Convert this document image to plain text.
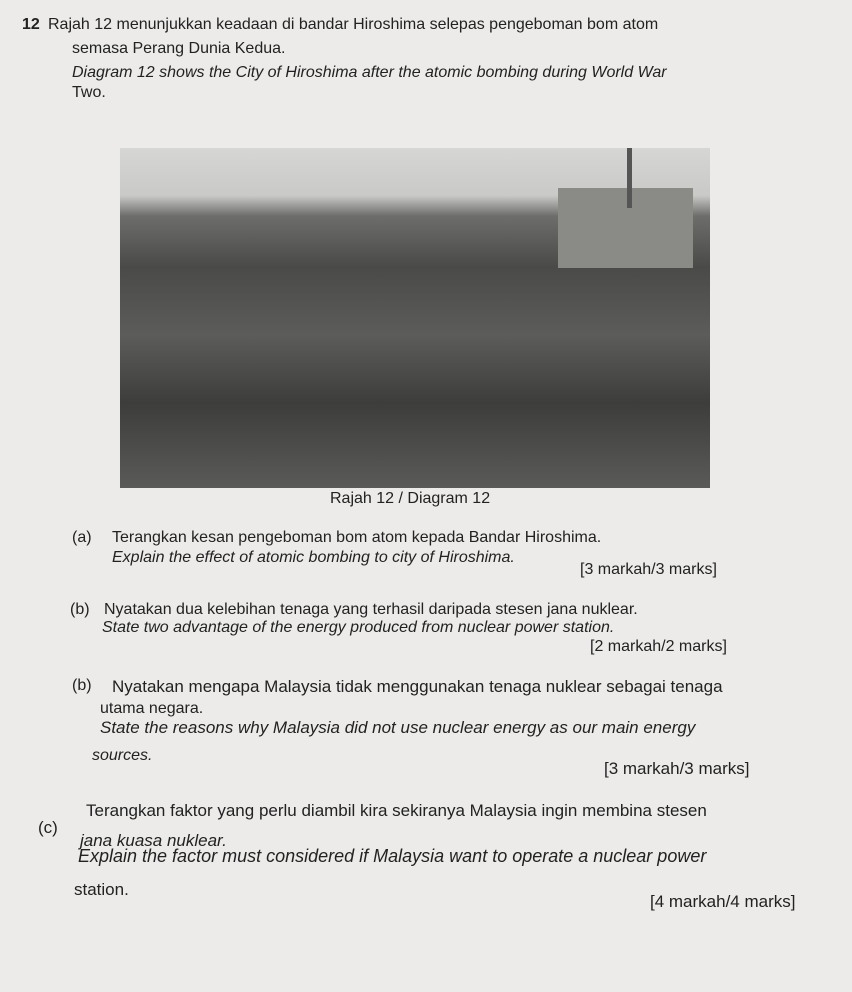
12 Rajah 12 menunjukkan keadaan di bandar Hiroshima selepas pengeboman bom atom
semasa Perang Dunia Kedua.
Diagram 12 shows the City of Hiroshima after the atomic bombing during World War
Two.
Rajah 12 / Diagram 12
(a) Terangkan kesan pengeboman bom atom kepada Bandar Hiroshima.
Explain the effect of atomic bombing to city of Hiroshima.
[3 markah/3 marks]
(b) Nyatakan dua kelebihan tenaga yang terhasil daripada stesen jana nuklear.
State two advantage of the energy produced from nuclear power station.
[2 markah/2 marks]
(b) Nyatakan mengapa Malaysia tidak menggunakan tenaga nuklear sebagai tenaga
utama negara.
State the reasons why Malaysia did not use nuclear energy as our main energy
sources.
[3 markah/3 marks]
(c)
Terangkan faktor yang perlu diambil kira sekiranya Malaysia ingin membina stesen
jana kuasa nuklear.
Explain the factor must considered if Malaysia want to operate a nuclear power
station.
[4 markah/4 marks]
